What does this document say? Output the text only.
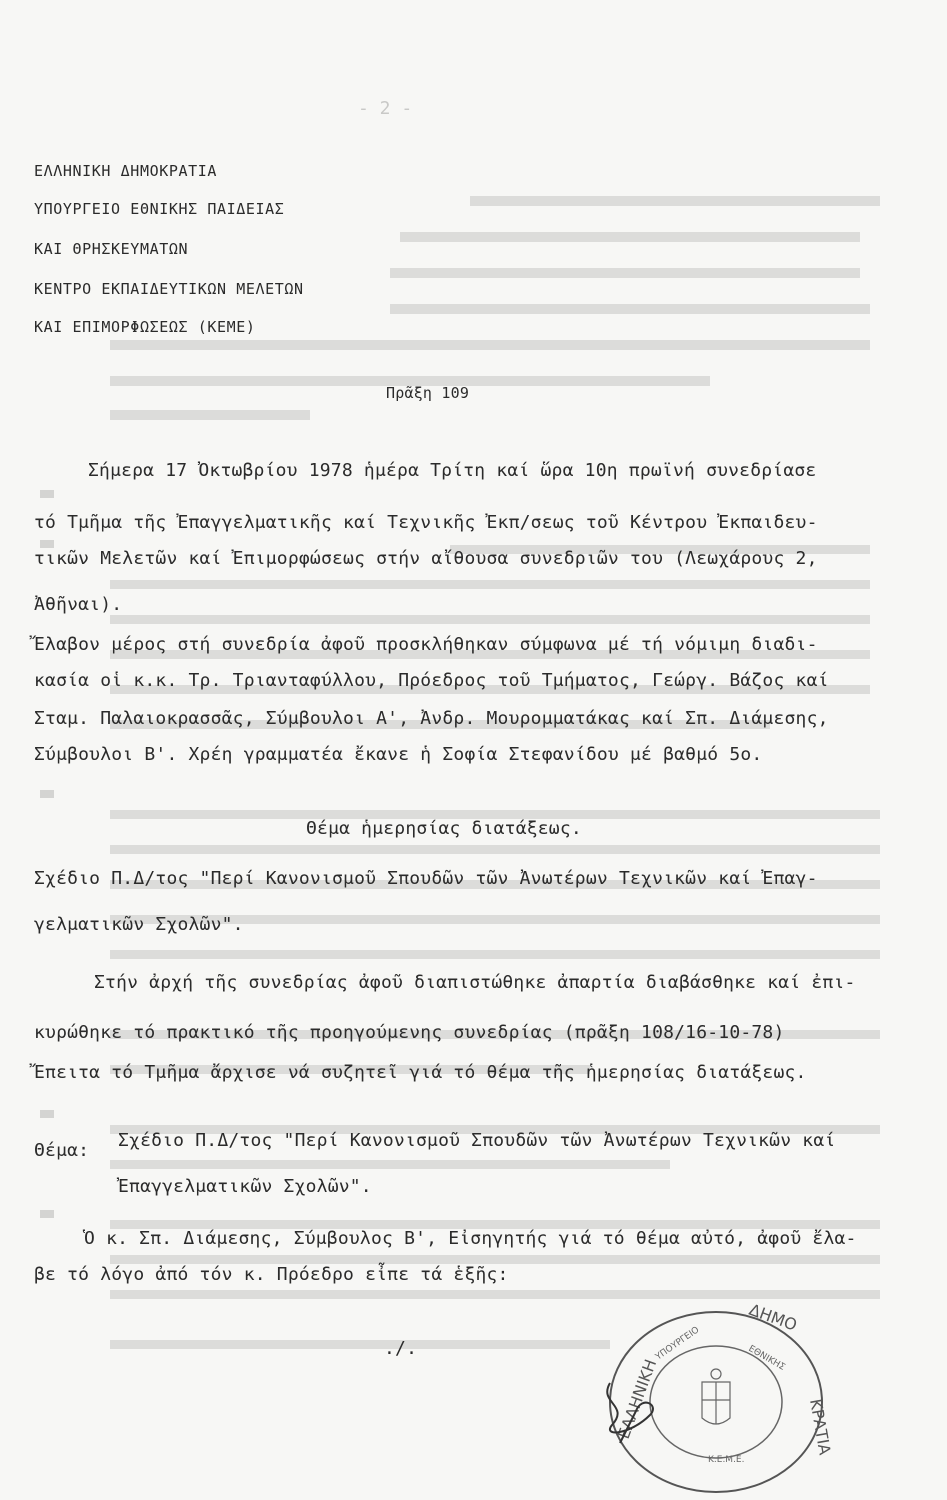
- 2 -
ΕΛΛΗΝΙΚΗ ΔΗΜΟΚΡΑΤΙΑ
ΥΠΟΥΡΓΕΙΟ ΕΘΝΙΚΗΣ ΠΑΙΔΕΙΑΣ
ΚΑΙ ΘΡΗΣΚΕΥΜΑΤΩΝ
ΚΕΝΤΡΟ ΕΚΠΑΙΔΕΥΤΙΚΩΝ ΜΕΛΕΤΩΝ
ΚΑΙ ΕΠΙΜΟΡΦΩΣΕΩΣ (ΚΕΜΕ)
Πρᾶξη 109
Σήμερα 17 Ὀκτωβρίου 1978 ἡμέρα Τρίτη καί ὥρα 10η πρωϊνή συνεδρίασε
τό Τμῆμα τῆς Ἐπαγγελματικῆς καί Τεχνικῆς Ἐκπ/σεως τοῦ Κέντρου Ἐκπαιδευ-
τικῶν Μελετῶν καί Ἐπιμορφώσεως στήν αἴθουσα συνεδριῶν του (Λεωχάρους 2,
Ἀθῆναι).
Ἔλαβον μέρος στή συνεδρία ἀφοῦ προσκλήθηκαν σύμφωνα μέ τή νόμιμη διαδι-
κασία οἱ κ.κ. Τρ. Τριανταφύλλου, Πρόεδρος τοῦ Τμήματος, Γεώργ. Βάζος καί
Σταμ. Παλαιοκρασσᾶς, Σύμβουλοι Α', Ἀνδρ. Μουρομματάκας καί Σπ. Διάμεσης,
Σύμβουλοι Β'. Χρέη γραμματέα ἔκανε ἡ Σοφία Στεφανίδου μέ βαθμό 5ο.
Θέμα ἡμερησίας διατάξεως.
Σχέδιο Π.Δ/τος "Περί Κανονισμοῦ Σπουδῶν τῶν Ἀνωτέρων Τεχνικῶν καί Ἐπαγ-
γελματικῶν Σχολῶν".
Στήν ἀρχή τῆς συνεδρίας ἀφοῦ διαπιστώθηκε ἀπαρτία διαβάσθηκε καί ἐπι-
κυρώθηκε τό πρακτικό τῆς προηγούμενης συνεδρίας (πρᾶξη 108/16-10-78)
Ἔπειτα τό Τμῆμα ἄρχισε νά συζητεῖ γιά τό θέμα τῆς ἡμερησίας διατάξεως.
Θέμα: Σχέδιο Π.Δ/τος "Περί Κανονισμοῦ Σπουδῶν τῶν Ἀνωτέρων Τεχνικῶν καί
Ἐπαγγελματικῶν Σχολῶν".
Ὁ κ. Σπ. Διάμεσης, Σύμβουλος Β', Εἰσηγητής γιά τό θέμα αὐτό, ἀφοῦ ἔλα-
βε τό λόγο ἀπό τόν κ. Πρόεδρο εἶπε τά ἑξῆς:
./.	ΥΠΟΥΡΓΕΙΟ	ΕΘΝΙΚΗΣ
Κ.Ε.Μ.Ε.
ΕΛΛΗΝΙΚΗ
ΔΗΜΟ
ΚΡΑΤΙΑ
